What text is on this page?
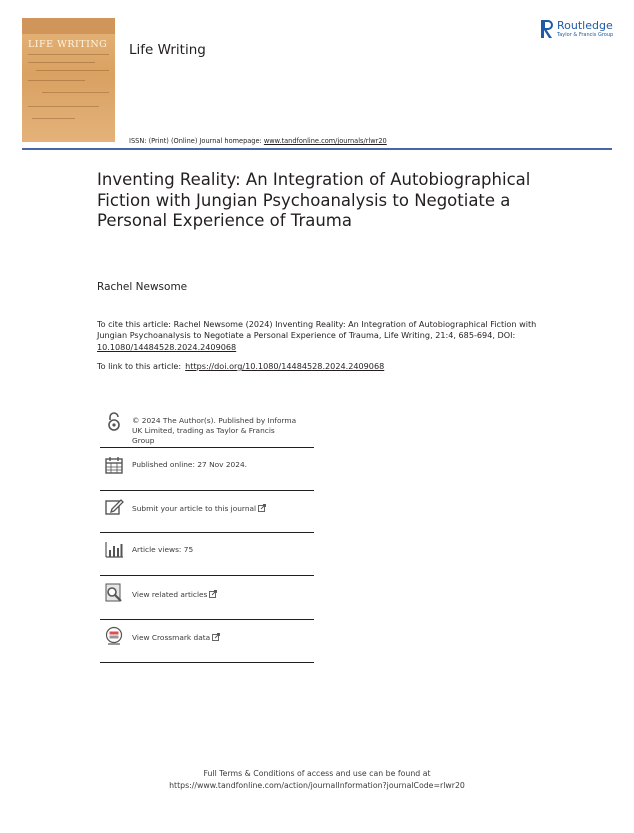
LIFE WRITING Life Writing
Routledge
Taylor & Francis Group
ISSN: (Print) (Online) Journal homepage: www.tandfonline.com/journals/rlwr20
Inventing Reality: An Integration of Autobiographical Fiction with Jungian Psychoanalysis to Negotiate a Personal Experience of Trauma
Rachel Newsome
To cite this article: Rachel Newsome (2024) Inventing Reality: An Integration of Autobiographical Fiction with Jungian Psychoanalysis to Negotiate a Personal Experience of Trauma, Life Writing, 21:4, 685-694, DOI: 10.1080/14484528.2024.2409068
To link to this article: https://doi.org/10.1080/14484528.2024.2409068
© 2024 The Author(s). Published by Informa
UK Limited, trading as Taylor & Francis
Group
Published online: 27 Nov 2024.
Submit your article to this journal
Article views: 75
View related articles
View Crossmark data
Full Terms & Conditions of access and use can be found at
https://www.tandfonline.com/action/journalInformation?journalCode=rlwr20
